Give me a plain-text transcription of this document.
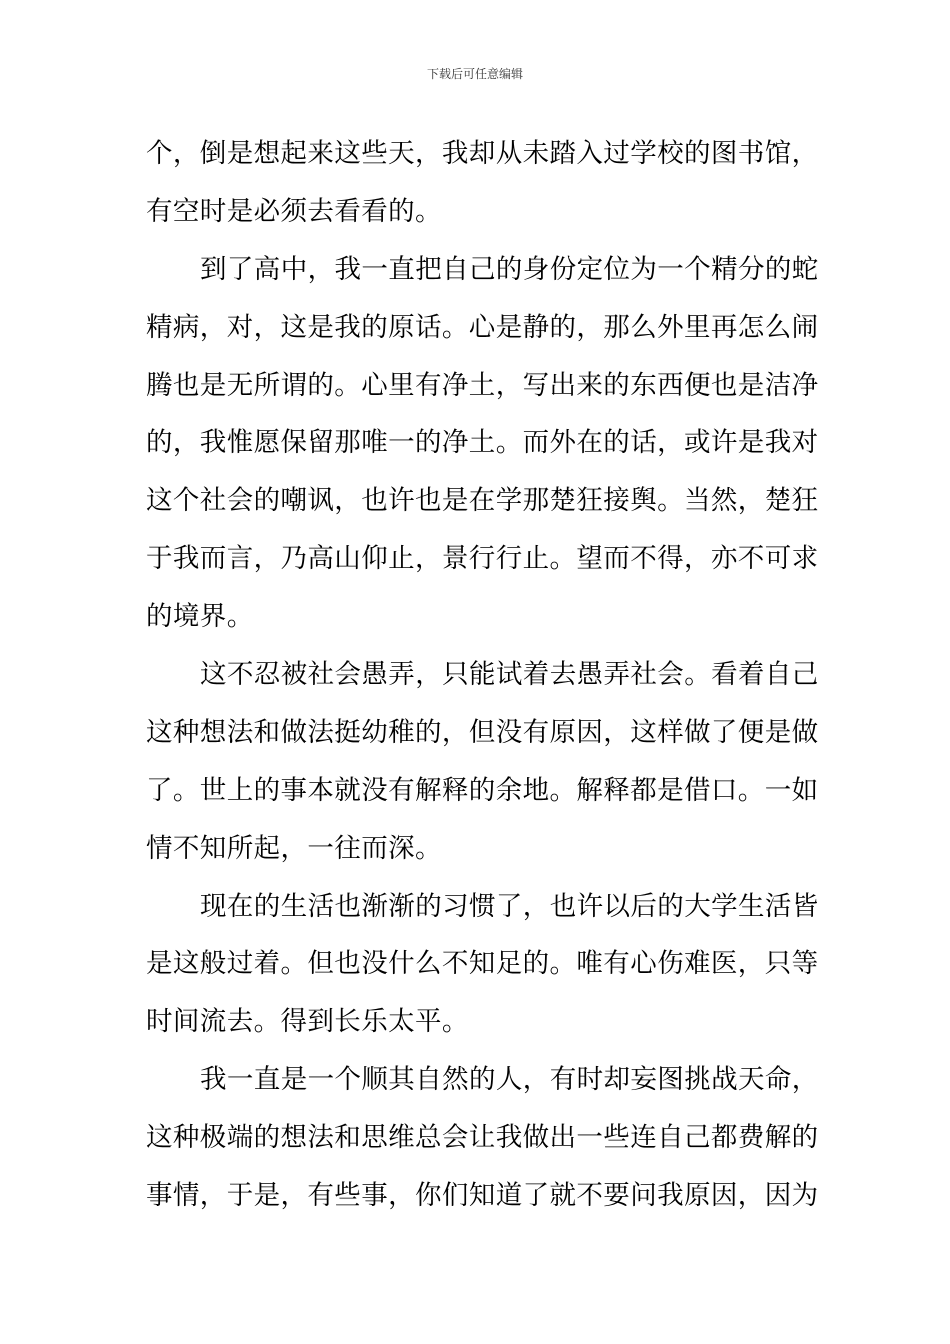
下载后可任意编辑
个，倒是想起来这些天，我却从未踏入过学校的图书馆，
有空时是必须去看看的。
到了高中，我一直把自己的身份定位为一个精分的蛇
精病，对，这是我的原话。心是静的，那么外里再怎么闹
腾也是无所谓的。心里有净土，写出来的东西便也是洁净
的，我惟愿保留那唯一的净土。而外在的话，或许是我对
这个社会的嘲讽，也许也是在学那楚狂接舆。当然，楚狂
于我而言，乃高山仰止，景行行止。望而不得，亦不可求
的境界。
这不忍被社会愚弄，只能试着去愚弄社会。看着自己
这种想法和做法挺幼稚的，但没有原因，这样做了便是做
了。世上的事本就没有解释的余地。解释都是借口。一如
情不知所起，一往而深。
现在的生活也渐渐的习惯了，也许以后的大学生活皆
是这般过着。但也没什么不知足的。唯有心伤难医，只等
时间流去。得到长乐太平。
我一直是一个顺其自然的人，有时却妄图挑战天命，
这种极端的想法和思维总会让我做出一些连自己都费解的
事情，于是，有些事，你们知道了就不要问我原因，因为
